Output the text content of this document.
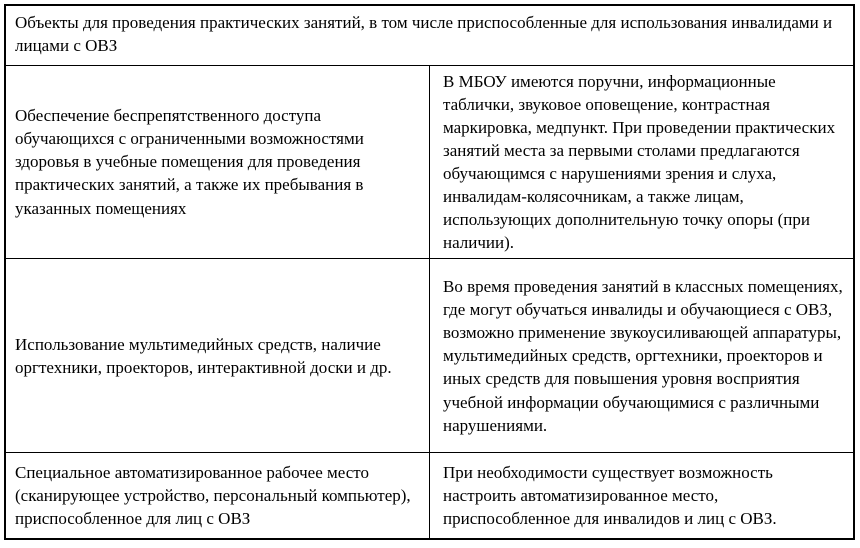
Объекты для проведения практических занятий, в том числе приспособленные для использования инвалидами и лицами с ОВЗ	
Обеспечение беспрепятственного доступа обучающихся с ограниченными возможностями здоровья в учебные помещения для проведения практических занятий, а также их пребывания в указанных помещениях	В МБОУ имеются поручни, информационные таблички, звуковое оповещение, контрастная маркировка, медпункт. При проведении практических занятий места за первыми столами предлагаются обучающимся с нарушениями зрения и слуха, инвалидам-колясочникам, а также лицам, использующих дополнительную точку опоры (при наличии).
Использование мультимедийных средств, наличие оргтехники, проекторов, интерактивной доски и др.	Во время проведения занятий в классных помещениях, где могут обучаться инвалиды и обучающиеся с ОВЗ, возможно применение звукоусиливающей аппаратуры, мультимедийных средств, оргтехники, проекторов и иных средств для повышения уровня восприятия учебной информации обучающимися с различными нарушениями.
Специальное автоматизированное рабочее место (сканирующее устройство, персональный компьютер), приспособленное для лиц с ОВЗ	При необходимости существует возможность настроить автоматизированное место, приспособленное для инвалидов и лиц с ОВЗ.
